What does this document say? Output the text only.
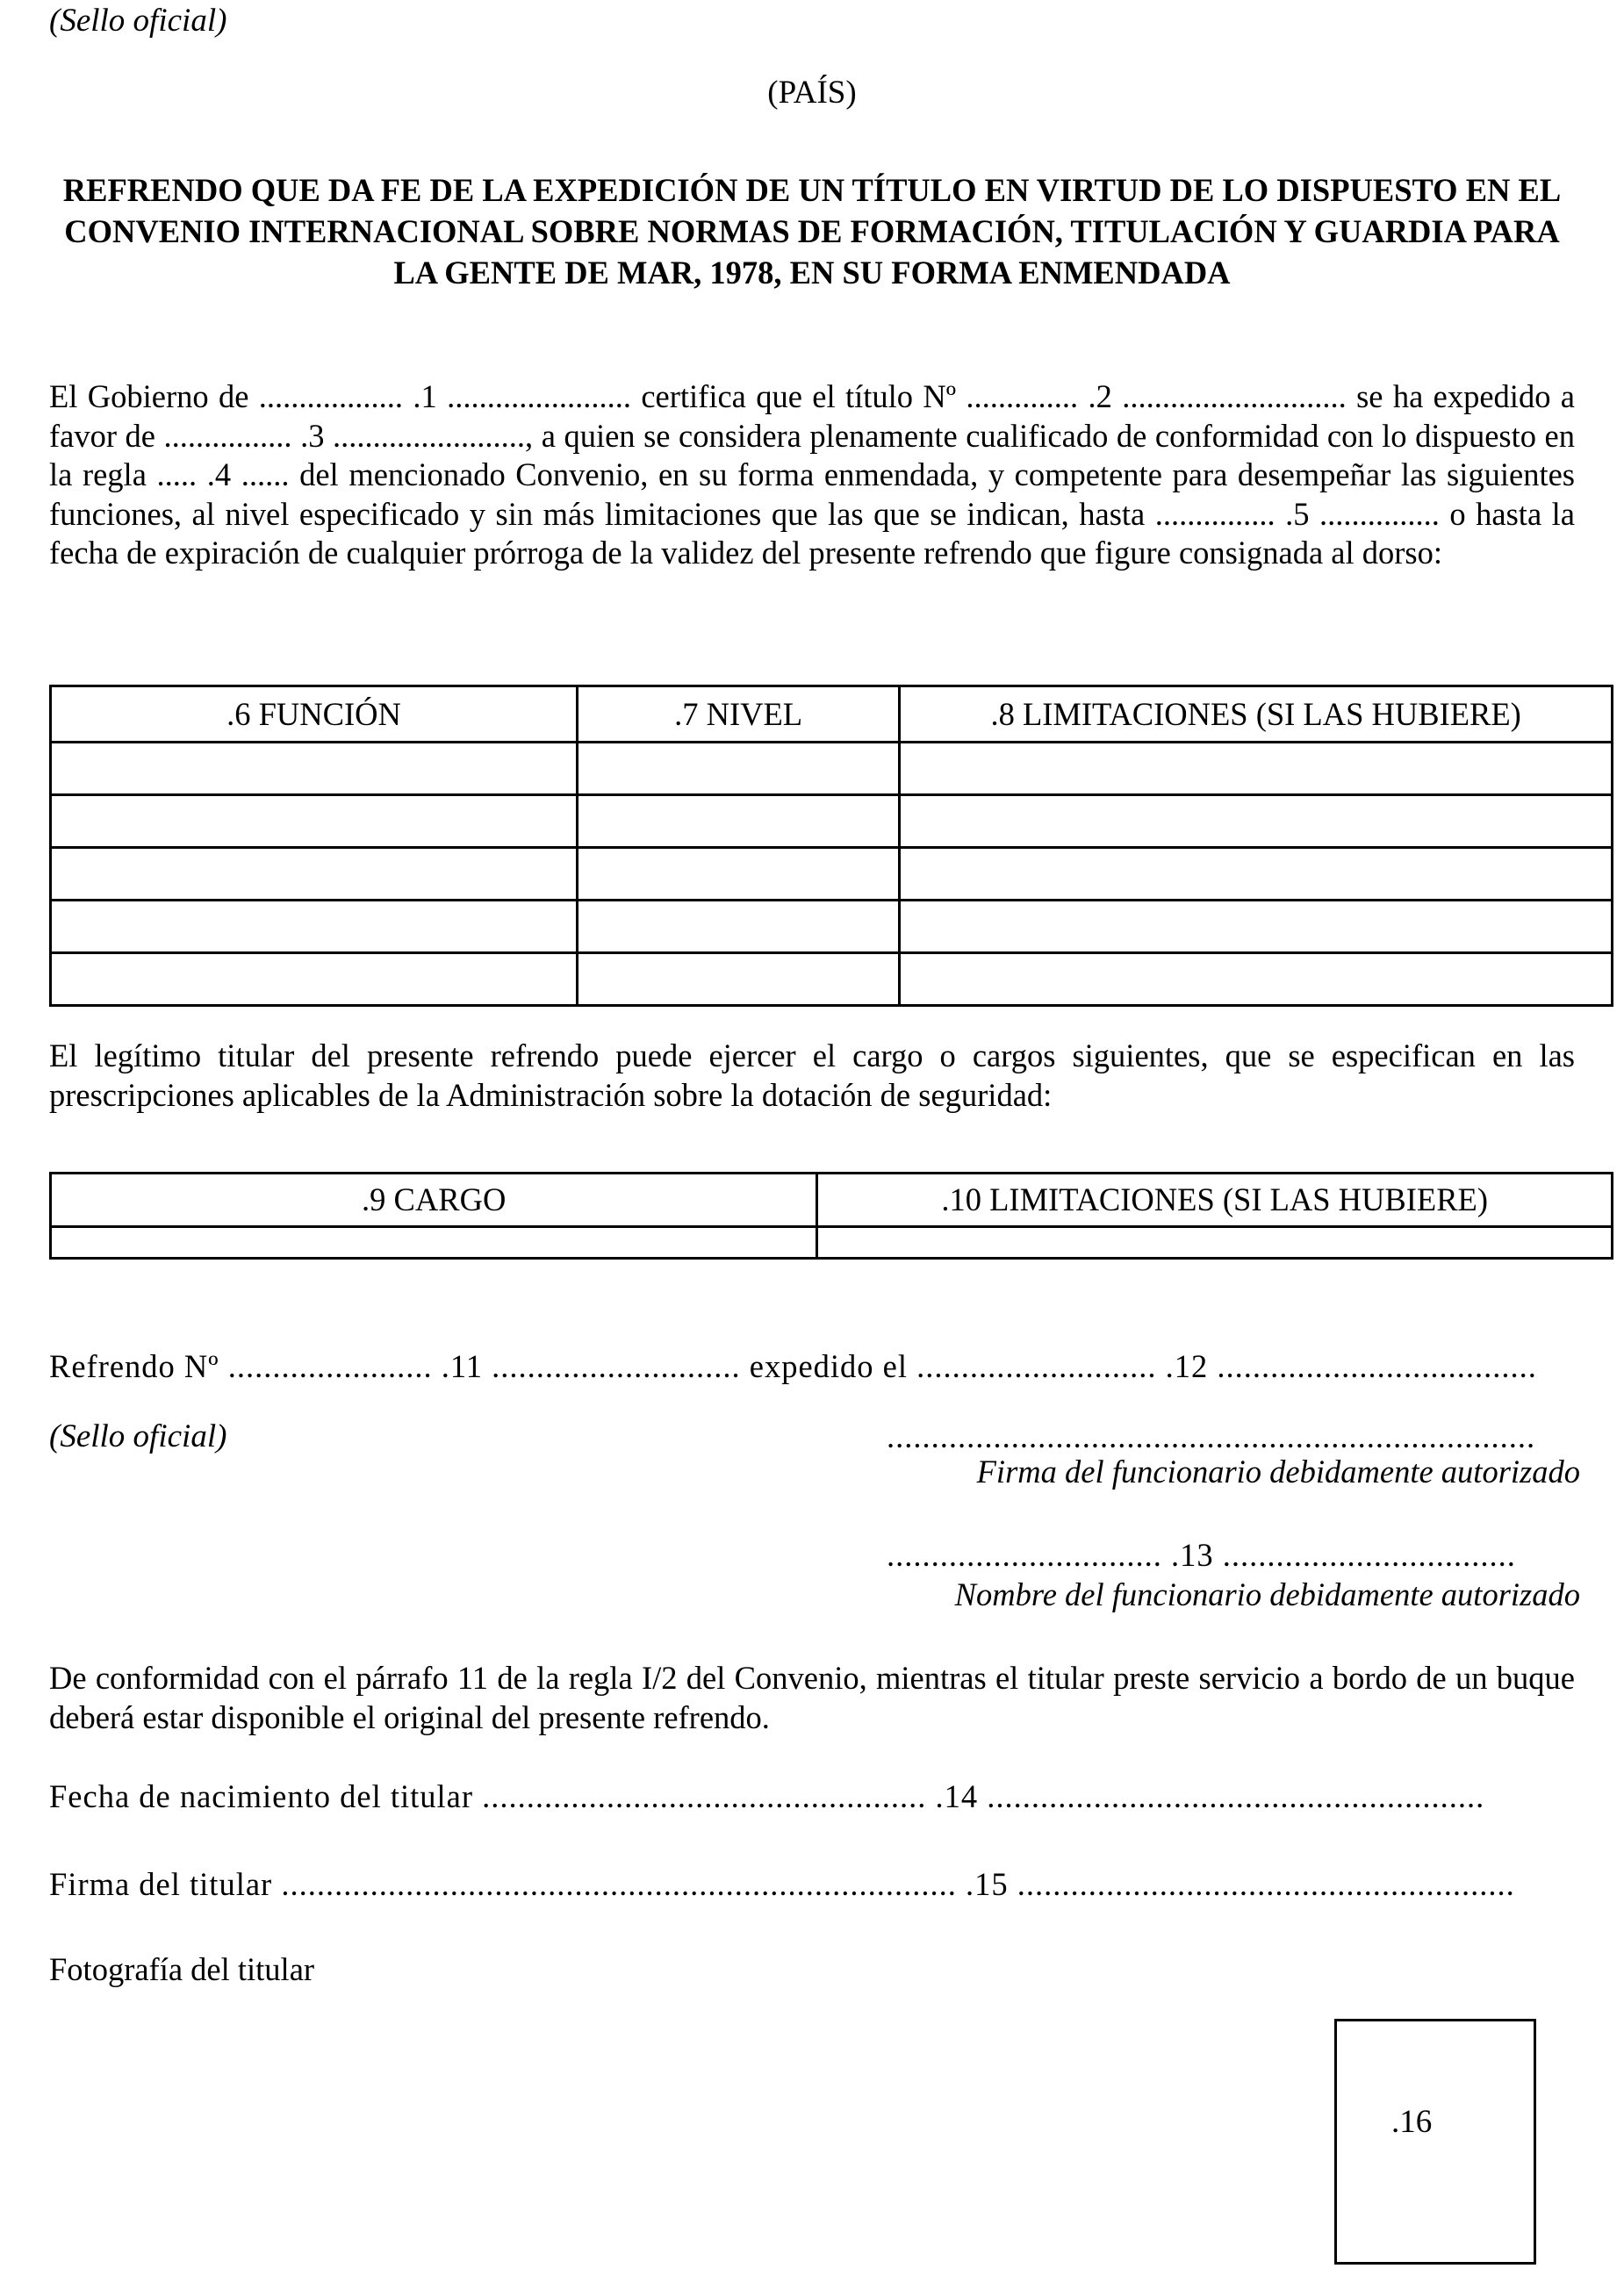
(Sello oficial)
(PAÍS)
REFRENDO QUE DA FE DE LA EXPEDICIÓN DE UN TÍTULO EN VIRTUD DE LO DISPUESTO EN EL CONVENIO INTERNACIONAL SOBRE NORMAS DE FORMACIÓN, TITULACIÓN Y GUARDIA PARA LA GENTE DE MAR, 1978, EN SU FORMA ENMENDADA
El Gobierno de .................. .1 ....................... certifica que el título Nº .............. .2 ............................ se ha expedido a favor de ................ .3 ........................, a quien se considera plenamente cualificado de conformidad con lo dispuesto en la regla ..... .4 ...... del mencionado Convenio, en su forma enmendada, y competente para desempeñar las siguientes funciones, al nivel especificado y sin más limitaciones que las que se indican, hasta ............... .5 ............... o hasta la fecha de expiración de cualquier prórroga de la validez del presente refrendo que figure consignada al dorso:
.6 FUNCIÓN	.7 NIVEL	.8 LIMITACIONES (SI LAS HUBIERE)

El legítimo titular del presente refrendo puede ejercer el cargo o cargos siguientes, que se especifican en las prescripciones aplicables de la Administración sobre la dotación de seguridad:
.9 CARGO	.10 LIMITACIONES (SI LAS HUBIERE)

Refrendo Nº ....................... .11 ............................ expedido el ........................... .12 ....................................
(Sello oficial)	.........................................................................
Firma del funcionario debidamente autorizado
............................... .13 .................................
Nombre del funcionario debidamente autorizado
De conformidad con el párrafo 11 de la regla I/2 del Convenio, mientras el titular preste servicio a bordo de un buque deberá estar disponible el original del presente refrendo.
Fecha de nacimiento del titular .................................................. .14 ........................................................
Firma del titular ............................................................................ .15 ........................................................
Fotografía del titular
.16
